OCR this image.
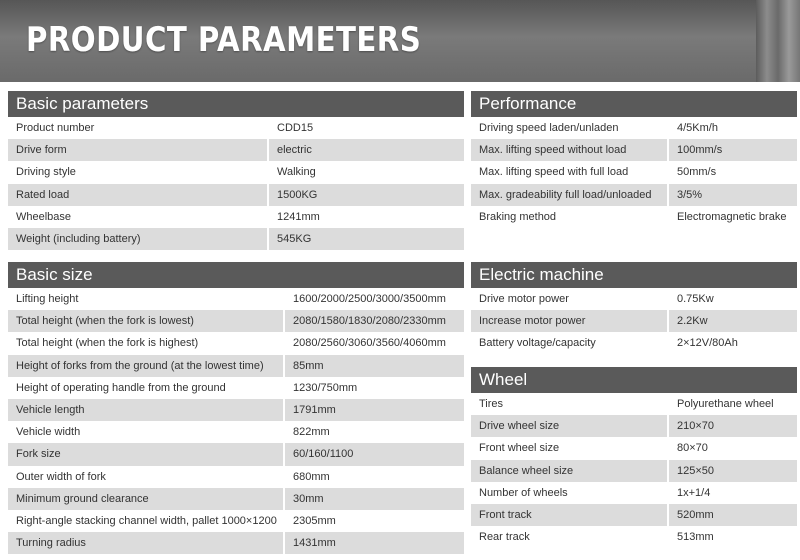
PRODUCT PARAMETERS
Basic parameters
Product number	CDD15
Drive form	electric
Driving style	Walking
Rated load	1500KG
Wheelbase	1241mm
Weight (including battery)	545KG
Performance
Driving speed laden/unladen	4/5Km/h
Max. lifting speed without load	100mm/s
Max. lifting speed with full load	50mm/s
Max. gradeability full load/unloaded	3/5%
Braking method	Electromagnetic brake
Basic size
Lifting height	1600/2000/2500/3000/3500mm
Total height (when the fork is lowest)	2080/1580/1830/2080/2330mm
Total height (when the fork is highest)	2080/2560/3060/3560/4060mm
Height of forks from the ground (at the lowest time)	85mm
Height of operating handle from the ground	1230/750mm
Vehicle length	1791mm
Vehicle width	822mm
Fork size	60/160/1100
Outer width of fork	680mm
Minimum ground clearance	30mm
Right-angle stacking channel width, pallet 1000×1200	2305mm
Turning radius	1431mm
Electric machine
Drive motor power	0.75Kw
Increase motor power	2.2Kw
Battery voltage/capacity	2×12V/80Ah
Wheel
Tires	Polyurethane wheel
Drive wheel size	210×70
Front wheel size	80×70
Balance wheel size	125×50
Number of wheels	1x+1/4
Front track	520mm
Rear track	513mm
